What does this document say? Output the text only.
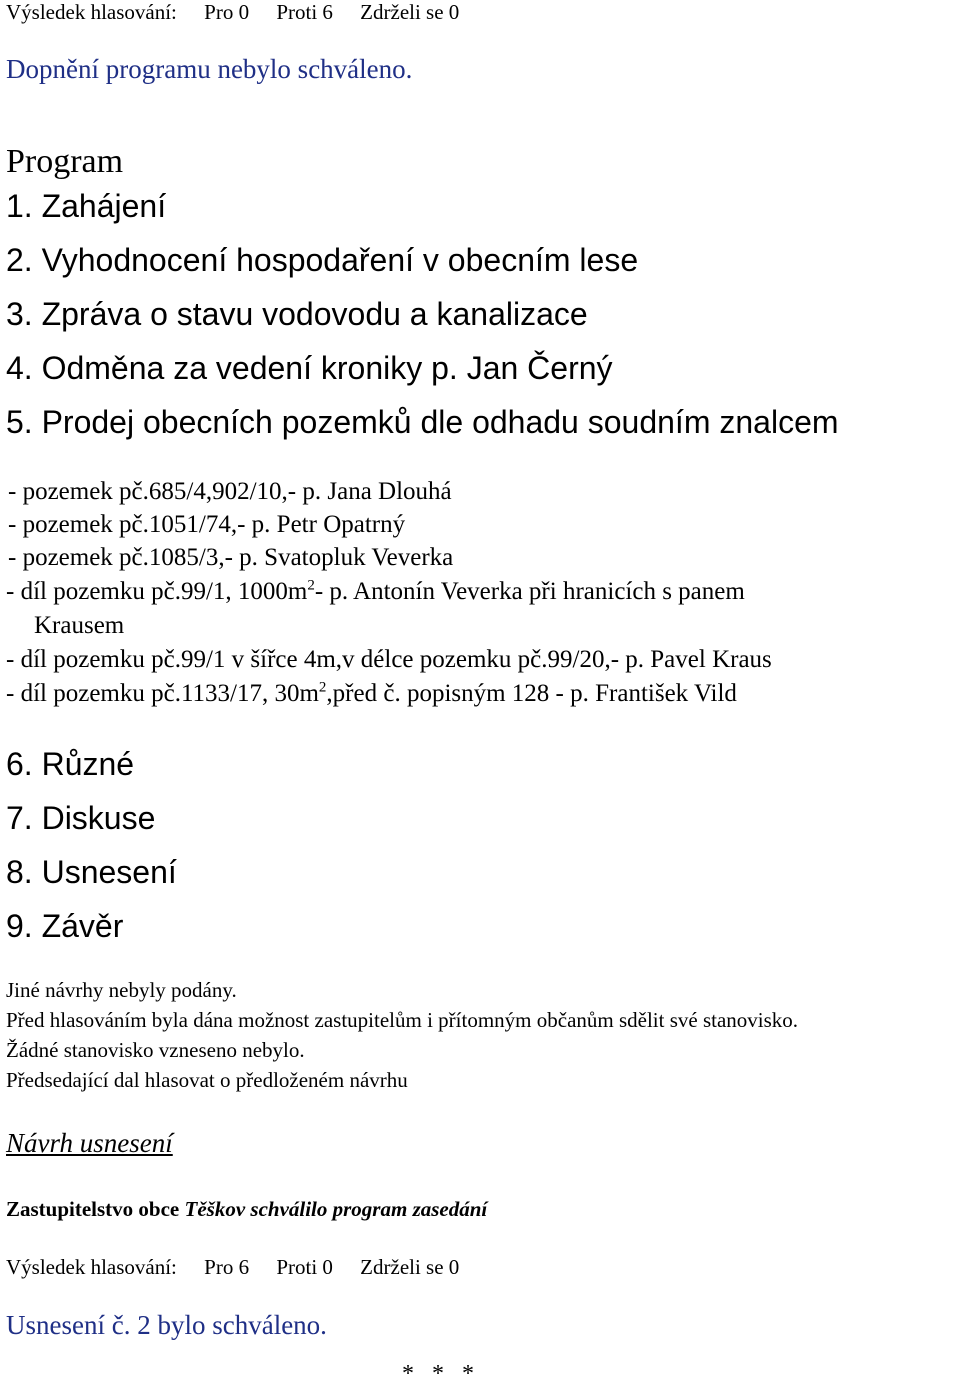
Výsledek hlasování: Pro 0 Proti 6 Zdrželi se 0
Dopnění programu nebylo schváleno.
Program
1. Zahájení
2. Vyhodnocení hospodaření v obecním lese
3. Zpráva o stavu vodovodu a kanalizace
4. Odměna za vedení kroniky p. Jan Černý
5. Prodej obecních pozemků dle odhadu soudním znalcem
- pozemek pč.685/4,902/10,- p. Jana Dlouhá
- pozemek pč.1051/74,- p. Petr Opatrný
- pozemek pč.1085/3,- p. Svatopluk Veverka
- díl pozemku pč.99/1, $1000m^2-$ p. Antonín Veverka při hranicích s panem
Krausem
- díl pozemku pč.99/1 v šířce 4m,v délce pozemku pč.99/20,- p. Pavel Kraus
- díl pozemku pč.1133/17, $30m^2,před$ č. popisným 128 - p. František Vild
6. Různé
7. Diskuse
8. Usnesení
9. Závěr
Jiné návrhy nebyly podány.
Před hlasováním byla dána možnost zastupitelům i přítomným občanům sdělit své stanovisko.
Žádné stanovisko vzneseno nebylo.
Předsedající dal hlasovat o předloženém návrhu
Návrh usnesení
Zastupitelstvo obce Těškov schválilo program zasedání
Výsledek hlasování: Pro 6 Proti 0 Zdrželi se 0
Usnesení č. 2 bylo schváleno.
*   *   *
